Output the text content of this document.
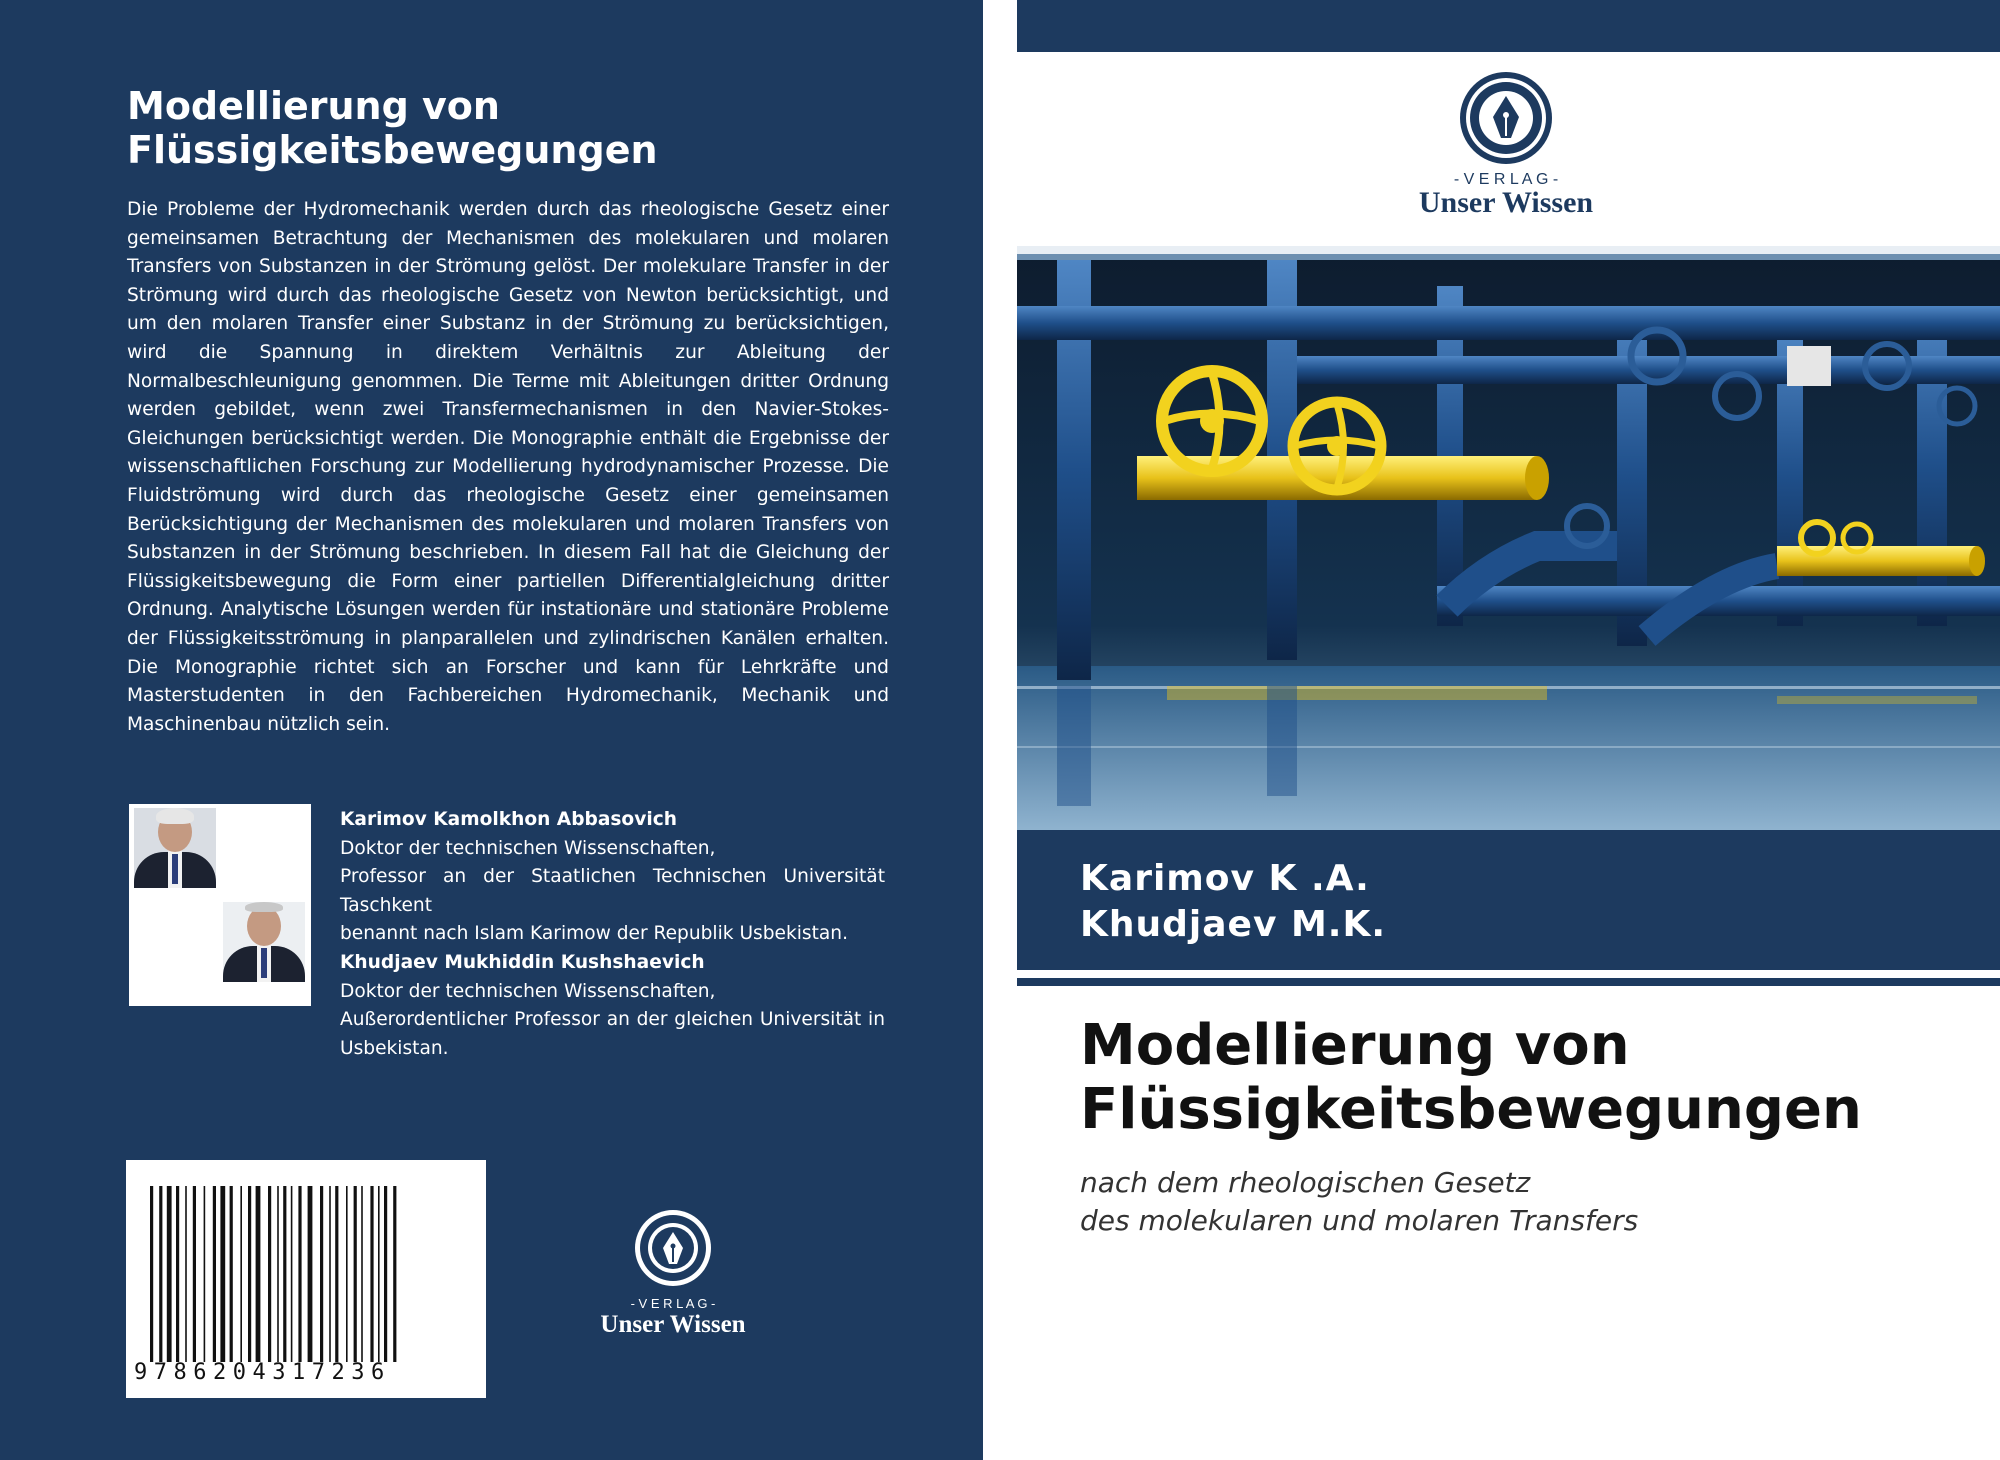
Modellierung von Flüssigkeitsbewegungen
Die Probleme der Hydromechanik werden durch das rheologische Gesetz einer gemeinsamen Betrachtung der Mechanismen des molekularen und molaren Transfers von Substanzen in der Strömung gelöst. Der molekulare Transfer in der Strömung wird durch das rheologische Gesetz von Newton berücksichtigt, und um den molaren Transfer einer Substanz in der Strömung zu berücksichtigen, wird die Spannung in direktem Verhältnis zur Ableitung der Normalbeschleunigung genommen. Die Terme mit Ableitungen dritter Ordnung werden gebildet, wenn zwei Transfermechanismen in den Navier-Stokes-Gleichungen berücksichtigt werden. Die Monographie enthält die Ergebnisse der wissenschaftlichen Forschung zur Modellierung hydrodynamischer Prozesse. Die Fluidströmung wird durch das rheologische Gesetz einer gemeinsamen Berücksichtigung der Mechanismen des molekularen und molaren Transfers von Substanzen in der Strömung beschrieben. In diesem Fall hat die Gleichung der Flüssigkeitsbewegung die Form einer partiellen Differentialgleichung dritter Ordnung. Analytische Lösungen werden für instationäre und stationäre Probleme der Flüssigkeitsströmung in planparallelen und zylindrischen Kanälen erhalten. Die Monographie richtet sich an Forscher und kann für Lehrkräfte und Masterstudenten in den Fachbereichen Hydromechanik, Mechanik und Maschinenbau nützlich sein.
Karimov Kamolkhon Abbasovich
Doktor der technischen Wissenschaften,
Professor an der Staatlichen Technischen Universität Taschkent
benannt nach Islam Karimow der Republik Usbekistan.
Khudjaev Mukhiddin Kushshaevich
Doktor der technischen Wissenschaften,
Außerordentlicher Professor an der gleichen Universität in Usbekistan.
9786204317236
- V E R L A G -
Unser Wissen
- V E R L A G -
Unser Wissen
Karimov K .A.
Khudjaev M.K.
Modellierung von Flüssigkeitsbewegungen
nach dem rheologischen Gesetz
des molekularen und molaren Transfers
